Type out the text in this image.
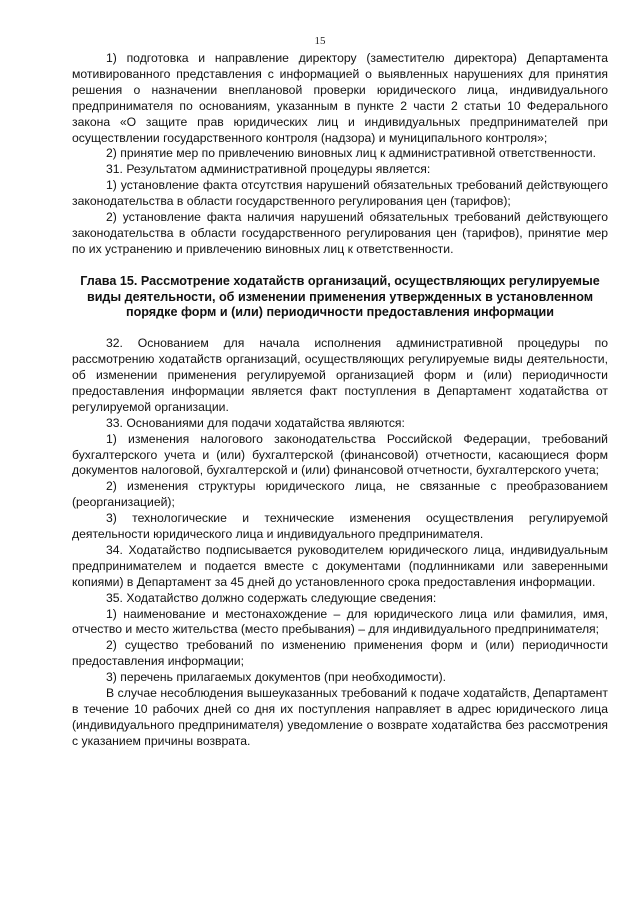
15

1) подготовка и направление директору (заместителю директора) Департамента мотивированного представления с информацией о выявленных нарушениях для принятия решения о назначении внеплановой проверки юридического лица, индивидуального предпринимателя по основаниям, указанным в пункте 2 части 2 статьи 10 Федерального закона «О защите прав юридических лиц и индивидуальных предпринимателей при осуществлении государственного контроля (надзора) и муниципального контроля»;

2) принятие мер по привлечению виновных лиц к административной ответственности.

31. Результатом административной процедуры является:

1) установление факта отсутствия нарушений обязательных требований действующего законодательства в области государственного регулирования цен (тарифов);

2) установление факта наличия нарушений обязательных требований действующего законодательства в области государственного регулирования цен (тарифов), принятие мер по их устранению и привлечению виновных лиц к ответственности.

Глава 15. Рассмотрение ходатайств организаций, осуществляющих регулируемые виды деятельности, об изменении применения утвержденных в установленном порядке форм и (или) периодичности предоставления информации

32. Основанием для начала исполнения административной процедуры по рассмотрению ходатайств организаций, осуществляющих регулируемые виды деятельности, об изменении применения регулируемой организацией форм и (или) периодичности предоставления информации является факт поступления в Департамент ходатайства от регулируемой организации.

33. Основаниями для подачи ходатайства являются:

1) изменения налогового законодательства Российской Федерации, требований бухгалтерского учета и (или) бухгалтерской (финансовой) отчетности, касающиеся форм документов налоговой, бухгалтерской и (или) финансовой отчетности, бухгалтерского учета;

2) изменения структуры юридического лица, не связанные с преобразованием (реорганизацией);

3) технологические и технические изменения осуществления регулируемой деятельности юридического лица и индивидуального предпринимателя.

34. Ходатайство подписывается руководителем юридического лица, индивидуальным предпринимателем и подается вместе с документами (подлинниками или заверенными копиями) в Департамент за 45 дней до установленного срока предоставления информации.

35. Ходатайство должно содержать следующие сведения:

1) наименование и местонахождение – для юридического лица или фамилия, имя, отчество и место жительства (место пребывания) – для индивидуального предпринимателя;

2) существо требований по изменению применения форм и (или) периодичности предоставления информации;

3) перечень прилагаемых документов (при необходимости).

В случае несоблюдения вышеуказанных требований к подаче ходатайств, Департамент в течение 10 рабочих дней со дня их поступления направляет в адрес юридического лица (индивидуального предпринимателя) уведомление о возврате ходатайства без рассмотрения с указанием причины возврата.
